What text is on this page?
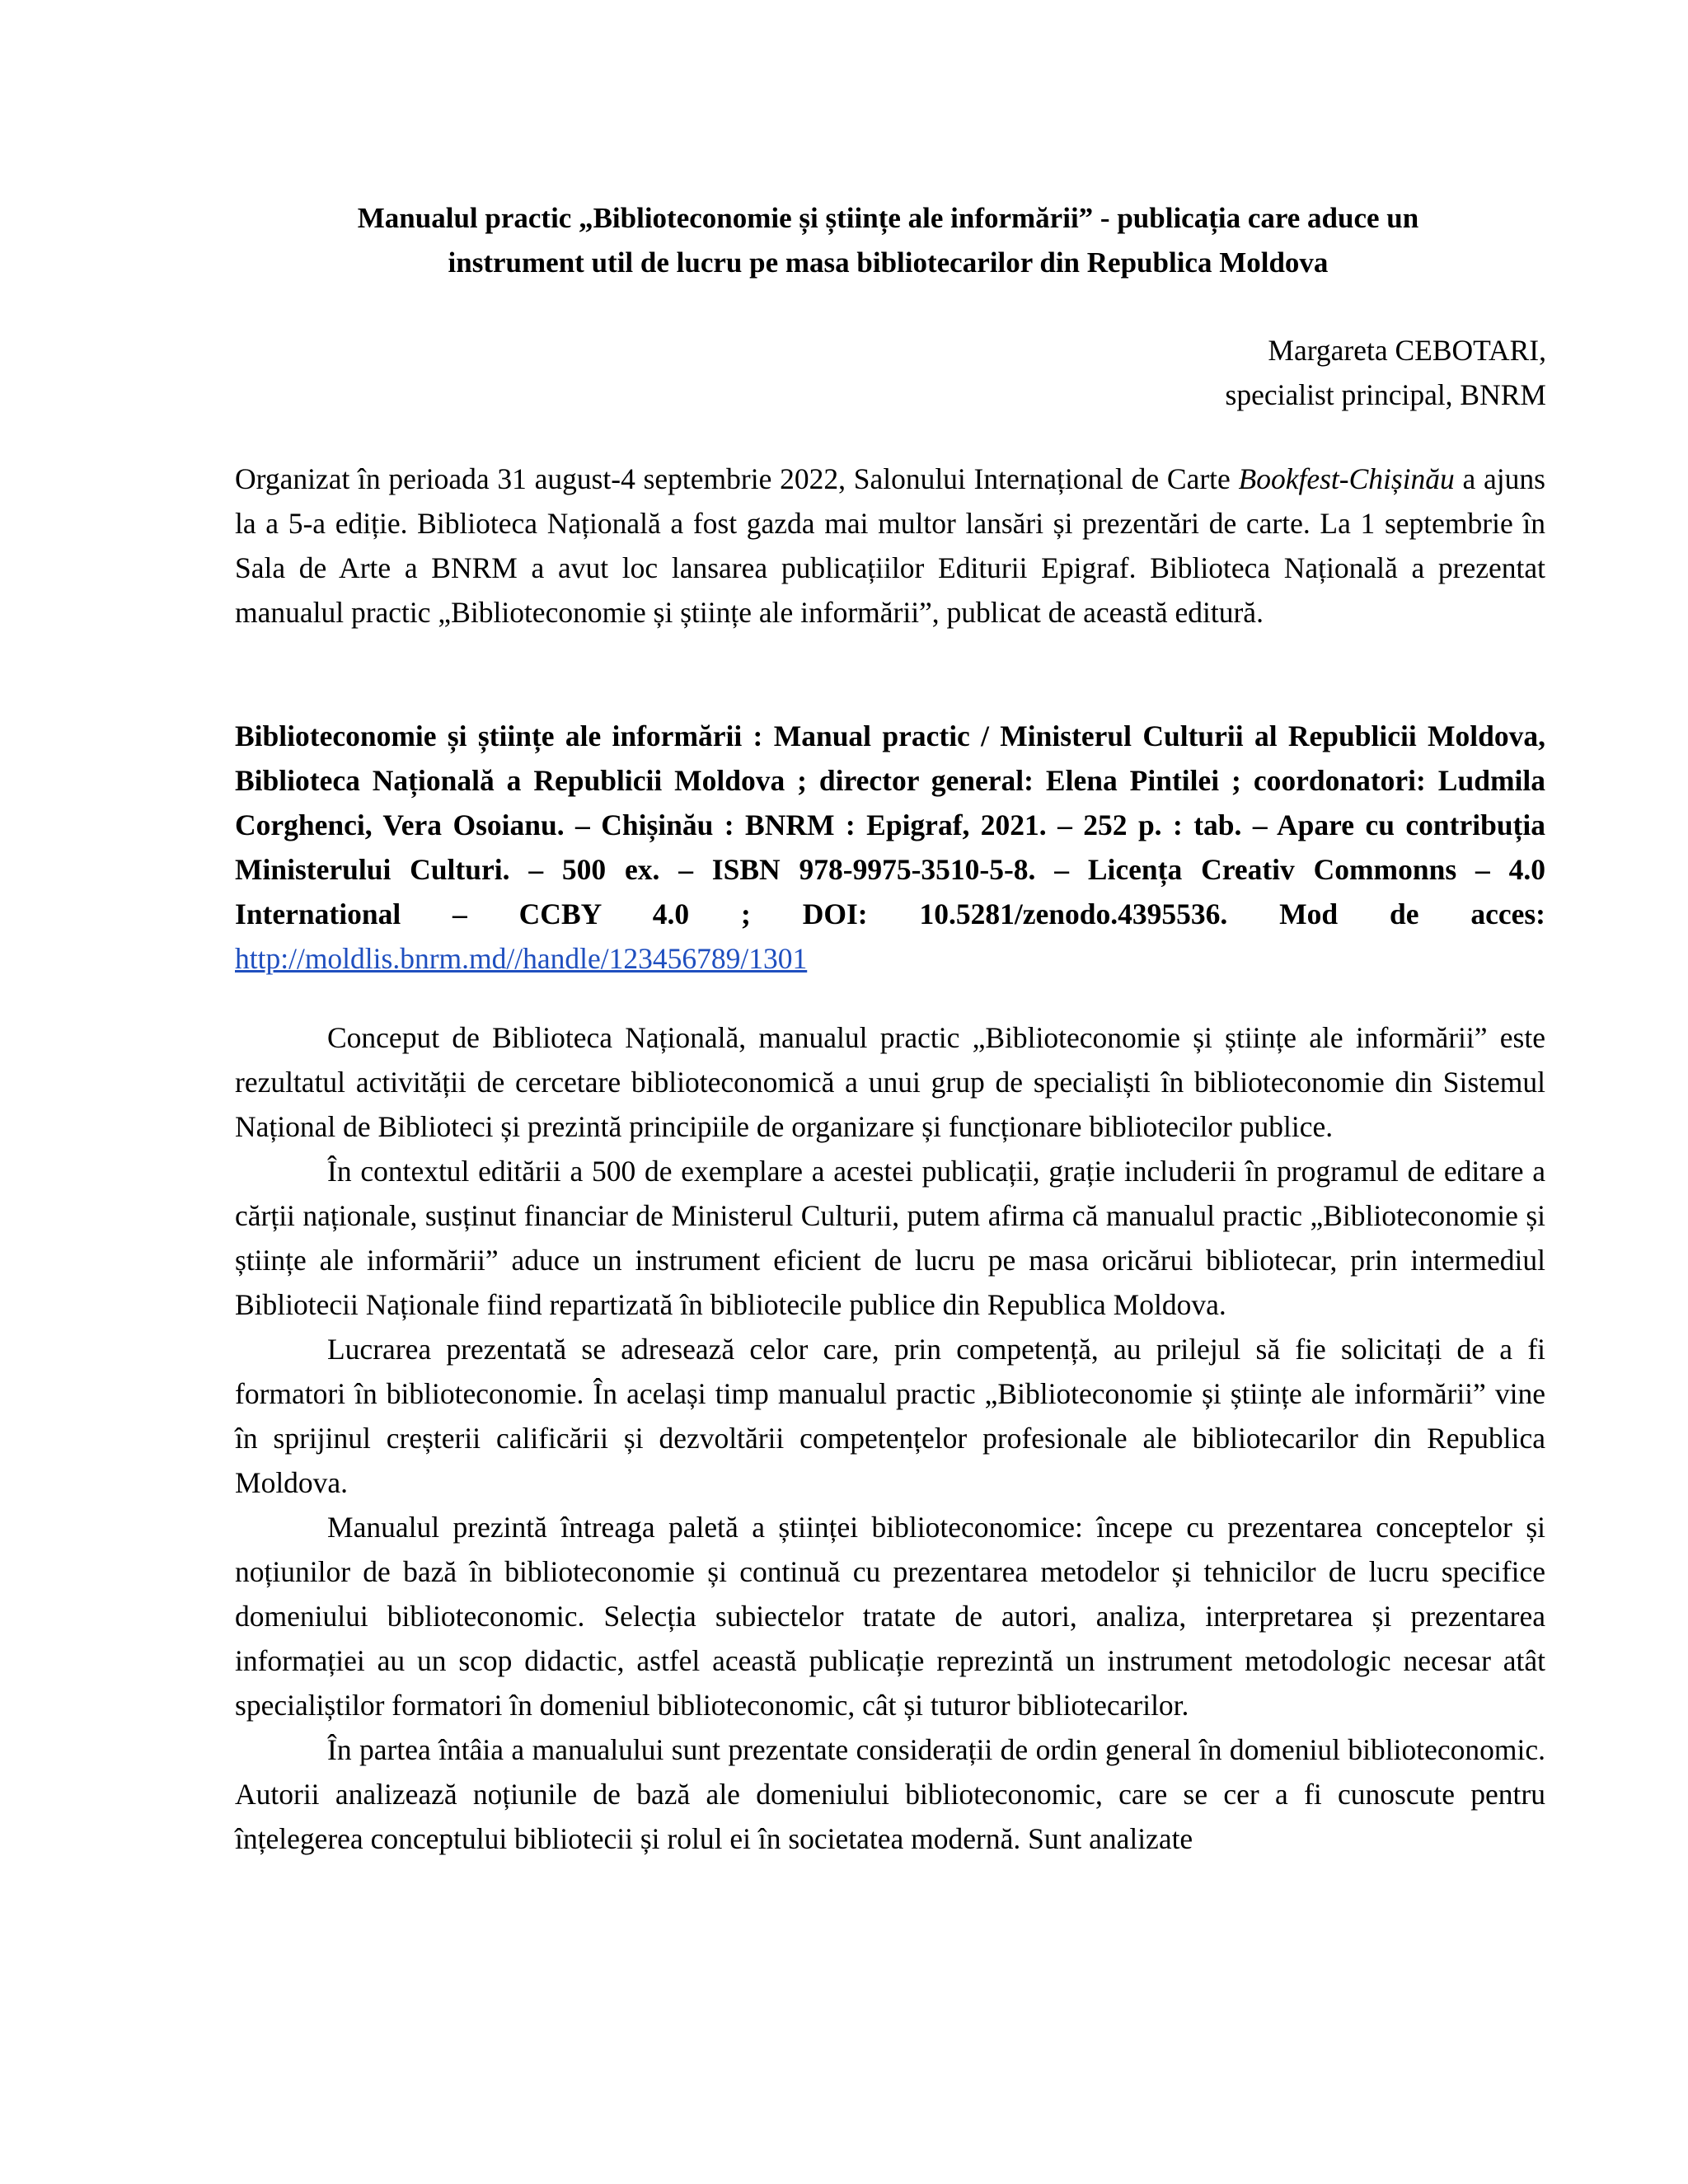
Manualul practic „Biblioteconomie și științe ale informării” - publicația care aduce un
instrument util de lucru pe masa bibliotecarilor din Republica Moldova
Margareta CEBOTARI,
specialist principal, BNRM

Organizat în perioada 31 august-4 septembrie 2022, Salonului Internațional de Carte Bookfest-Chișinău a ajuns la a 5-a ediție. Biblioteca Națională a fost gazda mai multor lansări și prezentări de carte. La 1 septembrie în Sala de Arte a BNRM a avut loc lansarea publicațiilor Editurii Epigraf. Biblioteca Națională a prezentat manualul practic „Biblioteconomie și științe ale informării”, publicat de această editură.

Biblioteconomie și științe ale informării : Manual practic / Ministerul Culturii al Republicii Moldova, Biblioteca Națională a Republicii Moldova ; director general: Elena Pintilei ; coordonatori: Ludmila Corghenci, Vera Osoianu. – Chișinău : BNRM : Epigraf, 2021. – 252 p. : tab. – Apare cu contribuția Ministerului Culturi. – 500 ex. – ISBN 978-9975-3510-5-8. – Licența Creativ Commonns – 4.0 International – CCBY 4.0 ; DOI: 10.5281/zenodo.4395536. Mod de acces: http://moldlis.bnrm.md//handle/123456789/1301

Conceput de Biblioteca Națională, manualul practic „Biblioteconomie și științe ale informării” este rezultatul activității de cercetare biblioteconomică a unui grup de specialiști în biblioteconomie din Sistemul Național de Biblioteci și prezintă principiile de organizare și funcționare bibliotecilor publice.

În contextul editării a 500 de exemplare a acestei publicații, grație includerii în programul de editare a cărții naționale, susținut financiar de Ministerul Culturii, putem afirma că manualul practic „Biblioteconomie și științe ale informării” aduce un instrument eficient de lucru pe masa oricărui bibliotecar, prin intermediul Bibliotecii Naționale fiind repartizată în bibliotecile publice din Republica Moldova.

Lucrarea prezentată se adresează celor care, prin competență, au prilejul să fie solicitați de a fi formatori în biblioteconomie. În același timp manualul practic „Biblioteconomie și științe ale informării” vine în sprijinul creșterii calificării și dezvoltării competențelor profesionale ale bibliotecarilor din Republica Moldova.

Manualul prezintă întreaga paletă a științei biblioteconomice: începe cu prezentarea conceptelor și noțiunilor de bază în biblioteconomie și continuă cu prezentarea metodelor și tehnicilor de lucru specifice domeniului biblioteconomic. Selecția subiectelor tratate de autori, analiza, interpretarea și prezentarea informației au un scop didactic, astfel această publicație reprezintă un instrument metodologic necesar atât specialiștilor formatori în domeniul biblioteconomic, cât și tuturor bibliotecarilor.

În partea întâia a manualului sunt prezentate considerații de ordin general în domeniul biblioteconomic. Autorii analizează noțiunile de bază ale domeniului biblioteconomic, care se cer a fi cunoscute pentru înțelegerea conceptului bibliotecii și rolul ei în societatea modernă. Sunt analizate
